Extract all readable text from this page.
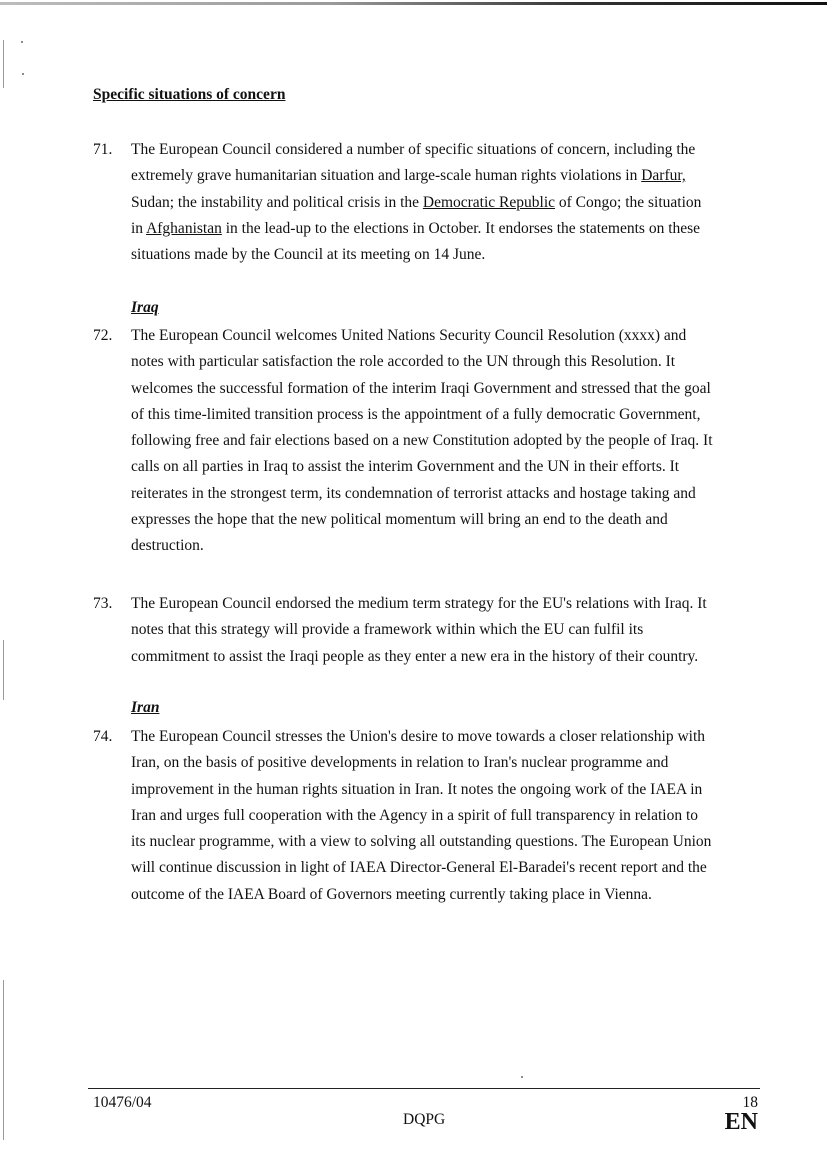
Specific situations of concern
71. The European Council considered a number of specific situations of concern, including the
extremely grave humanitarian situation and large-scale human rights violations in Darfur,
Sudan; the instability and political crisis in the Democratic Republic of Congo; the situation
in Afghanistan in the lead-up to the elections in October. It endorses the statements on these
situations made by the Council at its meeting on 14 June.
Iraq
72. The European Council welcomes United Nations Security Council Resolution (xxxx) and
notes with particular satisfaction the role accorded to the UN through this Resolution. It
welcomes the successful formation of the interim Iraqi Government and stressed that the goal
of this time-limited transition process is the appointment of a fully democratic Government,
following free and fair elections based on a new Constitution adopted by the people of Iraq. It
calls on all parties in Iraq to assist the interim Government and the UN in their efforts. It
reiterates in the strongest term, its condemnation of terrorist attacks and hostage taking and
expresses the hope that the new political momentum will bring an end to the death and
destruction.
73. The European Council endorsed the medium term strategy for the EU's relations with Iraq. It
notes that this strategy will provide a framework within which the EU can fulfil its
commitment to assist the Iraqi people as they enter a new era in the history of their country.
Iran
74. The European Council stresses the Union's desire to move towards a closer relationship with
Iran, on the basis of positive developments in relation to Iran's nuclear programme and
improvement in the human rights situation in Iran. It notes the ongoing work of the IAEA in
Iran and urges full cooperation with the Agency in a spirit of full transparency in relation to
its nuclear programme, with a view to solving all outstanding questions. The European Union
will continue discussion in light of IAEA Director-General El-Baradei's recent report and the
outcome of the IAEA Board of Governors meeting currently taking place in Vienna.
10476/04
DQPG
18
EN
